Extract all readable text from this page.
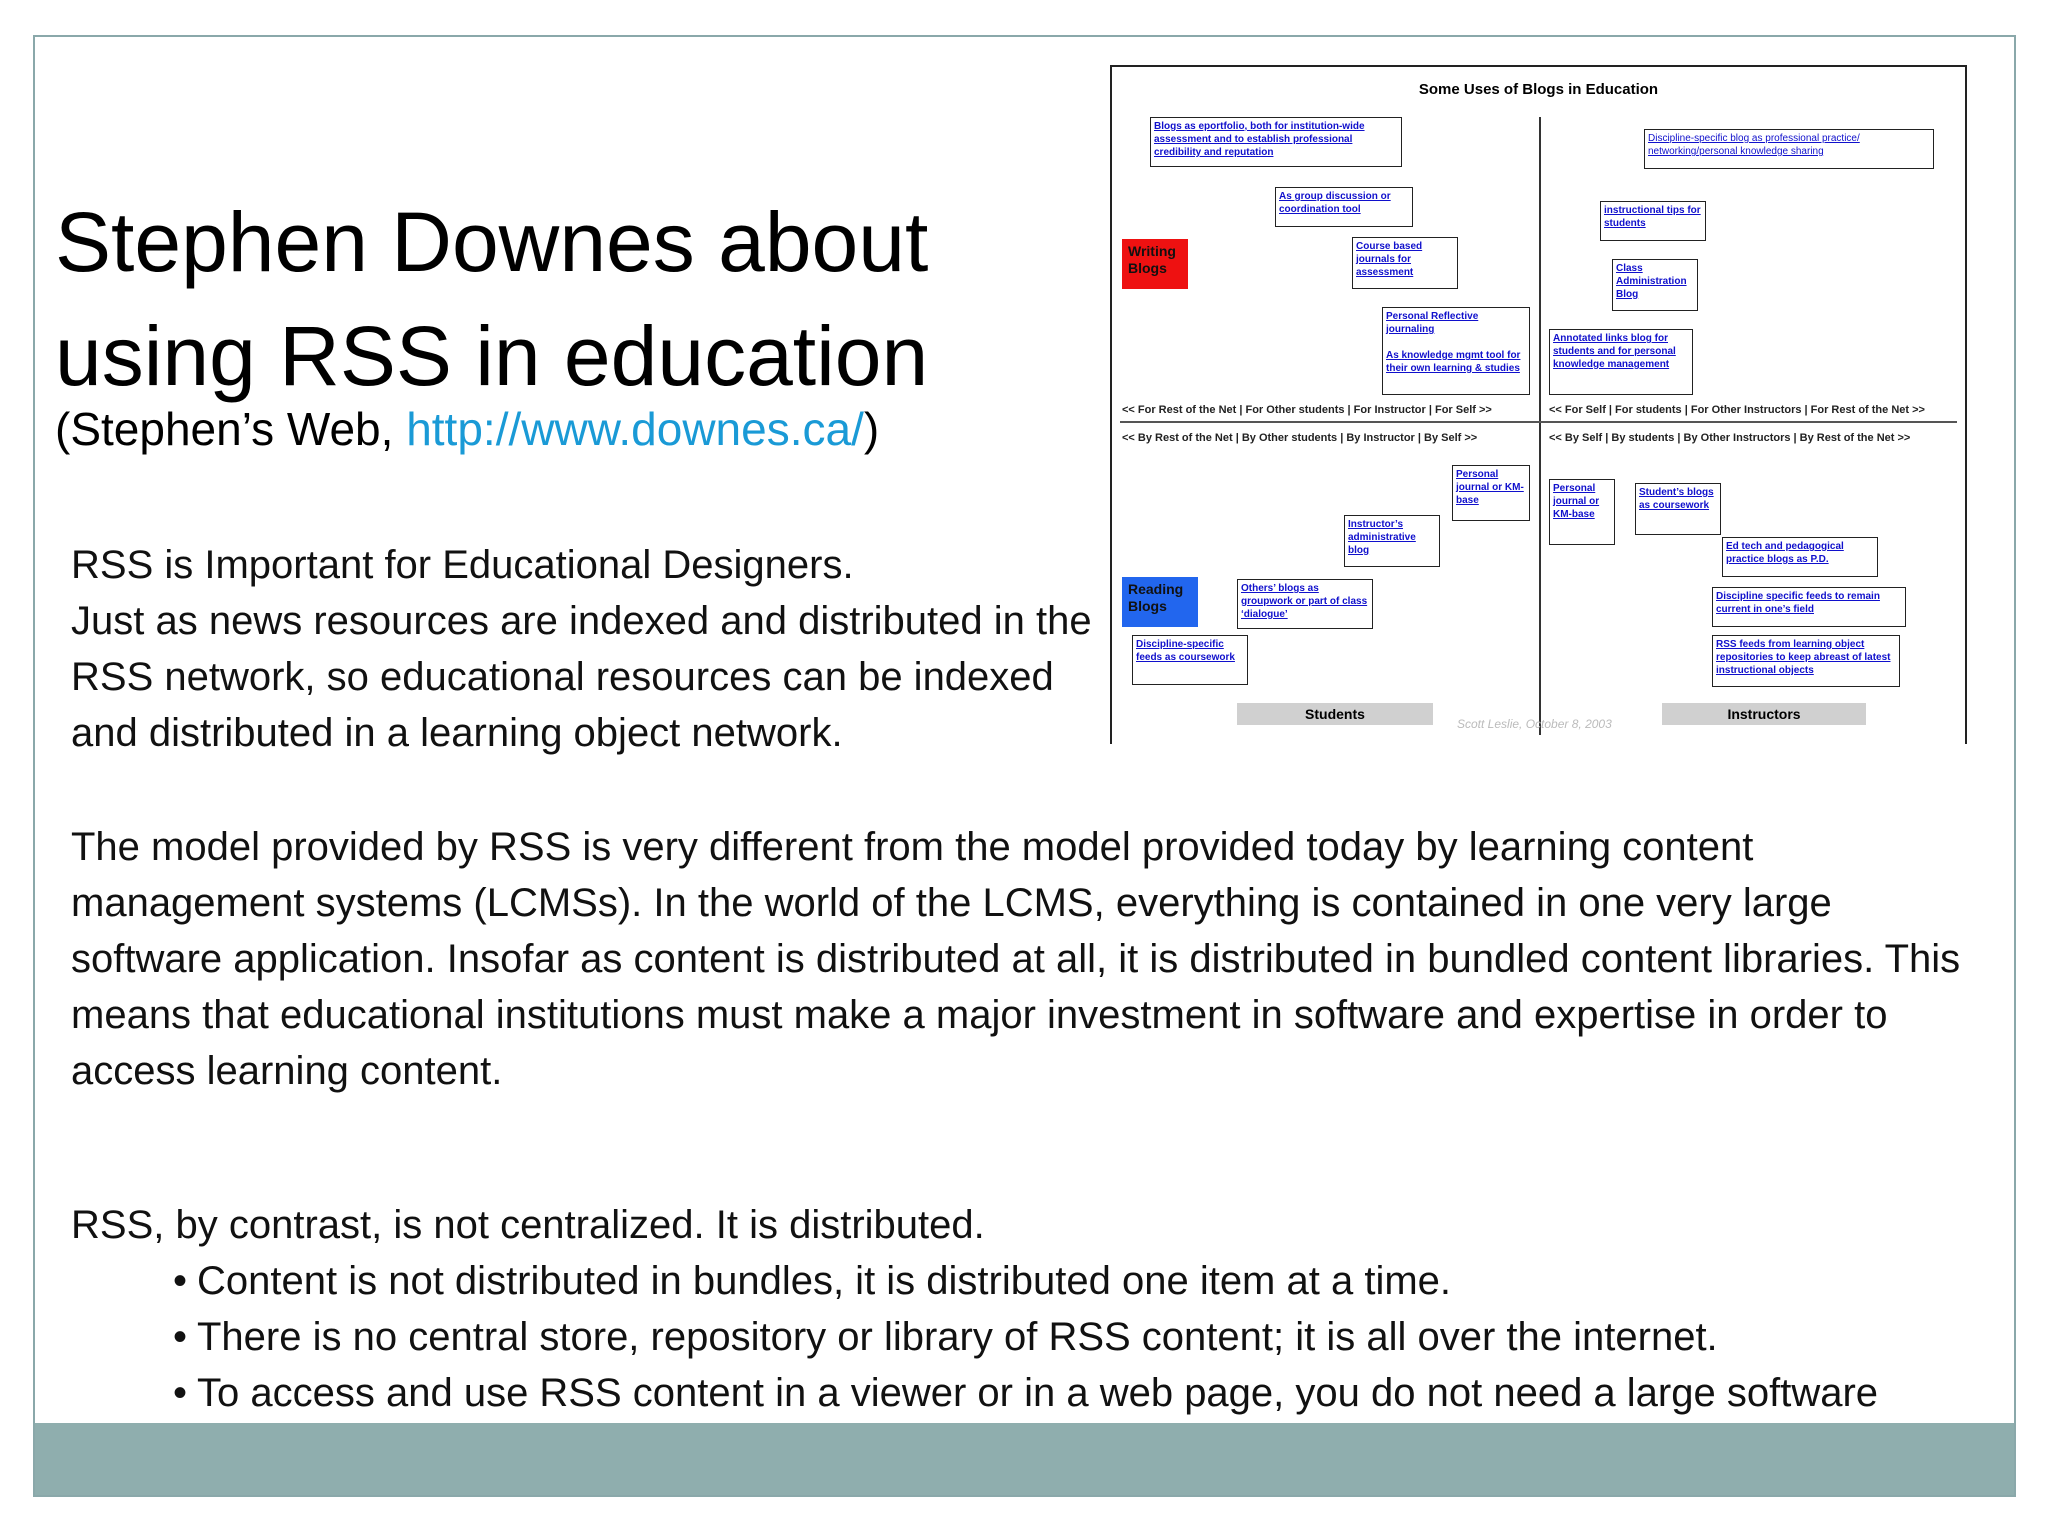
Stephen Downes about
using RSS in education
(Stephen’s Web, http://www.downes.ca/)

RSS is Important for Educational Designers.

Just as news resources are indexed and distributed in the RSS network, so educational resources can be indexed and distributed in a learning object network.

The model provided by RSS is very different from the model provided today by learning content management systems (LCMSs). In the world of the LCMS, everything is contained in one very large software application. Insofar as content is distributed at all, it is distributed in bundled content libraries. This means that educational institutions must make a major investment in software and expertise in order to access learning content.

RSS, by contrast, is not centralized. It is distributed.

• Content is not distributed in bundles, it is distributed one item at a time.
• There is no central store, repository or library of RSS content; it is all over the internet.
• To access and use RSS content in a viewer or in a web page, you do not need a large software
Some Uses of Blogs in Education
Writing Blogs
Reading Blogs
<< For Rest of the Net | For Other students | For Instructor | For Self >>	<< For Self | For students | For Other Instructors | For Rest of the Net >>
<< By Rest of the Net | By Other students | By Instructor | By Self >>	<< By Self | By students | By Other Instructors | By Rest of the Net >>
Blogs as eportfolio, both for institution-wide assessment and to establish professional credibility and reputation
As group discussion or coordination tool
Course based journals for assessment
Personal Reflective journaling

As knowledge mgmt tool for their own learning & studies
Discipline-specific blog as professional practice/ networking/personal knowledge sharing
instructional tips for students
Class Administration Blog
Annotated links blog for students and for personal knowledge management
Personal journal or KM-base
Instructor’s administrative blog
Others’ blogs as groupwork or part of class ‘dialogue’
Discipline-specific feeds as coursework
Personal journal or KM-base
Student’s blogs as coursework
Ed tech and pedagogical practice blogs as P.D.
Discipline specific feeds to remain current in one’s field
RSS feeds from learning object repositories to keep abreast of latest instructional objects
Students	Instructors
Scott Leslie, October 8, 2003
